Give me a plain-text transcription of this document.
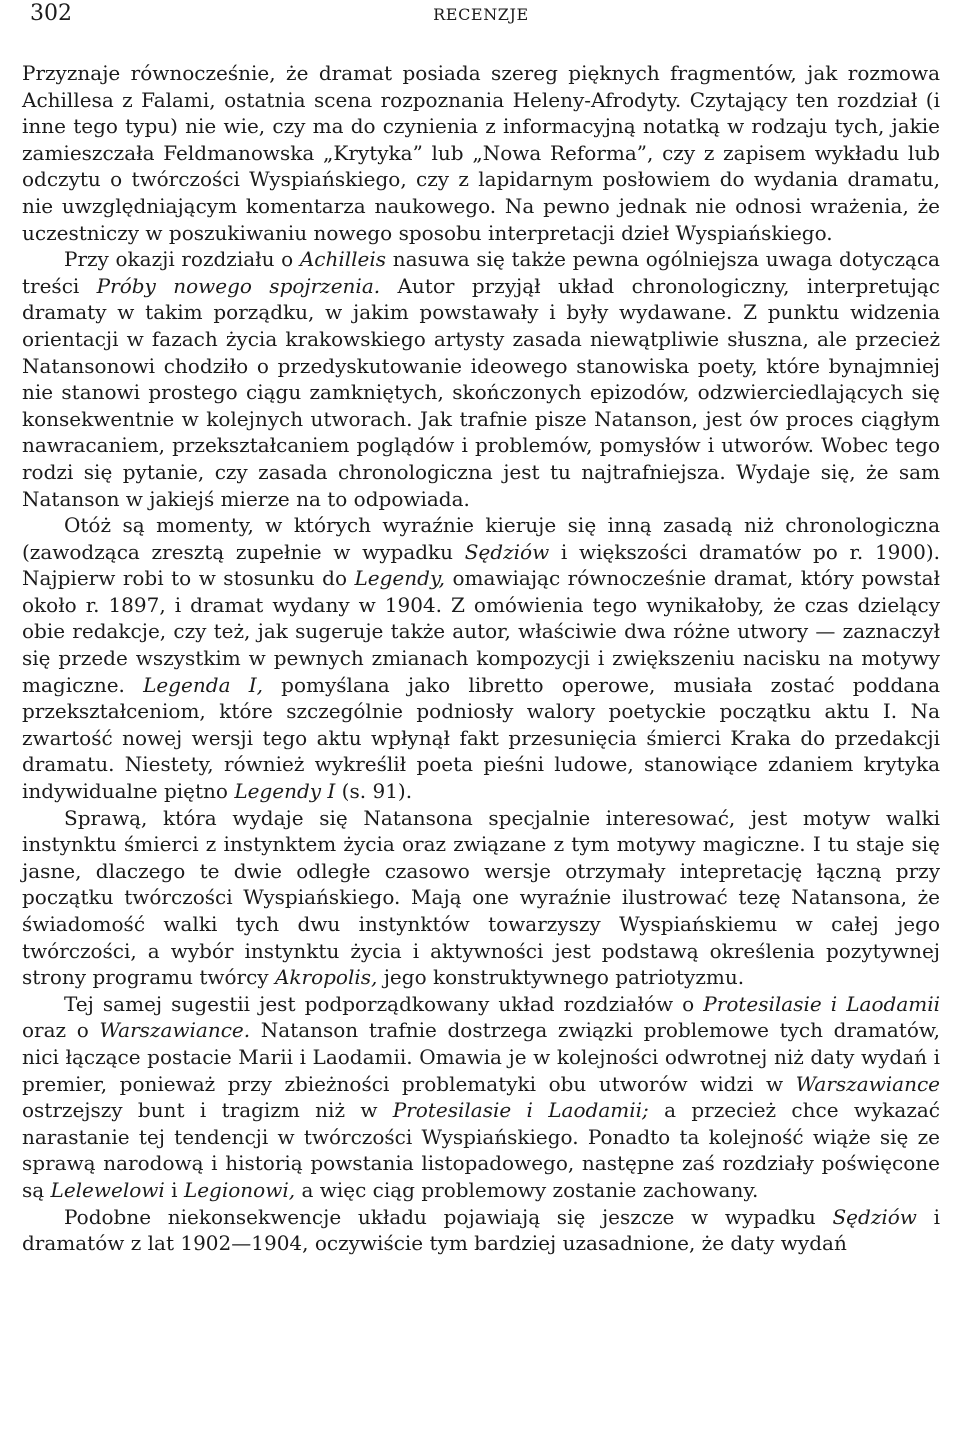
302	RECENZJE

Przyznaje równocześnie, że dramat posiada szereg pięknych fragmentów, jak rozmowa Achillesa z Falami, ostatnia scena rozpoznania Heleny-Afrodyty. Czytający ten rozdział (i inne tego typu) nie wie, czy ma do czynienia z informacyjną notatką w rodzaju tych, jakie zamieszczała Feldmanowska „Krytyka” lub „Nowa Reforma”, czy z zapisem wykładu lub odczytu o twórczości Wyspiańskiego, czy z lapidarnym posłowiem do wydania dramatu, nie uwzględniającym komentarza naukowego. Na pewno jednak nie odnosi wrażenia, że uczestniczy w poszukiwaniu nowego sposobu interpretacji dzieł Wyspiańskiego.

Przy okazji rozdziału o Achilleis nasuwa się także pewna ogólniejsza uwaga dotycząca treści Próby nowego spojrzenia. Autor przyjął układ chronologiczny, interpretując dramaty w takim porządku, w jakim powstawały i były wydawane. Z punktu widzenia orientacji w fazach życia krakowskiego artysty zasada niewątpliwie słuszna, ale przecież Natansonowi chodziło o przedyskutowanie ideowego stanowiska poety, które bynajmniej nie stanowi prostego ciągu zamkniętych, skończonych epizodów, odzwierciedlających się konsekwentnie w kolejnych utworach. Jak trafnie pisze Natanson, jest ów proces ciągłym nawracaniem, przekształcaniem poglądów i problemów, pomysłów i utworów. Wobec tego rodzi się pytanie, czy zasada chronologiczna jest tu najtrafniejsza. Wydaje się, że sam Natanson w jakiejś mierze na to odpowiada.

Otóż są momenty, w których wyraźnie kieruje się inną zasadą niż chronologiczna (zawodząca zresztą zupełnie w wypadku Sędziów i większości dramatów po r. 1900). Najpierw robi to w stosunku do Legendy, omawiając równocześnie dramat, który powstał około r. 1897, i dramat wydany w 1904. Z omówienia tego wynikałoby, że czas dzielący obie redakcje, czy też, jak sugeruje także autor, właściwie dwa różne utwory — zaznaczył się przede wszystkim w pewnych zmianach kompozycji i zwiększeniu nacisku na motywy magiczne. Legenda I, pomyślana jako libretto operowe, musiała zostać poddana przekształceniom, które szczególnie podniosły walory poetyckie początku aktu I. Na zwartość nowej wersji tego aktu wpłynął fakt przesunięcia śmierci Kraka do przedakcji dramatu. Niestety, również wykreślił poeta pieśni ludowe, stanowiące zdaniem krytyka indywidualne piętno Legendy I (s. 91).

Sprawą, która wydaje się Natansona specjalnie interesować, jest motyw walki instynktu śmierci z instynktem życia oraz związane z tym motywy magiczne. I tu staje się jasne, dlaczego te dwie odległe czasowo wersje otrzymały intepretację łączną przy początku twórczości Wyspiańskiego. Mają one wyraźnie ilustrować tezę Natansona, że świadomość walki tych dwu instynktów towarzyszy Wyspiańskiemu w całej jego twórczości, a wybór instynktu życia i aktywności jest podstawą określenia pozytywnej strony programu twórcy Akropolis, jego konstruktywnego patriotyzmu.

Tej samej sugestii jest podporządkowany układ rozdziałów o Protesilasie i Laodamii oraz o Warszawiance. Natanson trafnie dostrzega związki problemowe tych dramatów, nici łączące postacie Marii i Laodamii. Omawia je w kolejności odwrotnej niż daty wydań i premier, ponieważ przy zbieżności problematyki obu utworów widzi w Warszawiance ostrzejszy bunt i tragizm niż w Protesilasie i Laodamii; a przecież chce wykazać narastanie tej tendencji w twórczości Wyspiańskiego. Ponadto ta kolejność wiąże się ze sprawą narodową i historią powstania listopadowego, następne zaś rozdziały poświęcone są Lelewelowi i Legionowi, a więc ciąg problemowy zostanie zachowany.

Podobne niekonsekwencje układu pojawiają się jeszcze w wypadku Sędziów i dramatów z lat 1902—1904, oczywiście tym bardziej uzasadnione, że daty wydań
